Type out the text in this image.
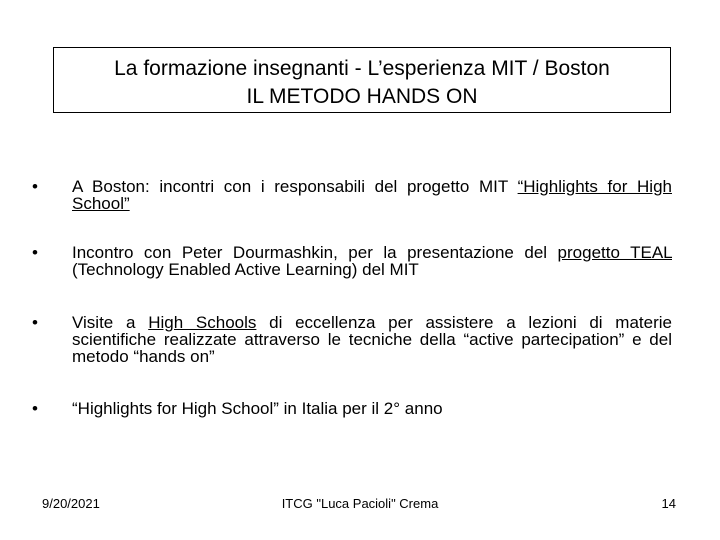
La formazione insegnanti - L’esperienza MIT / Boston
IL METODO HANDS ON
•	A Boston: incontri con i responsabili del progetto MIT “Highlights for High School”
•	Incontro con Peter Dourmashkin, per la presentazione del progetto TEAL (Technology Enabled Active Learning) del MIT
•	Visite a High Schools di eccellenza per assistere a lezioni di materie scientifiche realizzate attraverso le tecniche della “active partecipation” e del metodo “hands on”
•	“Highlights for High School” in Italia per il 2° anno
9/20/2021	ITCG "Luca Pacioli" Crema	14
